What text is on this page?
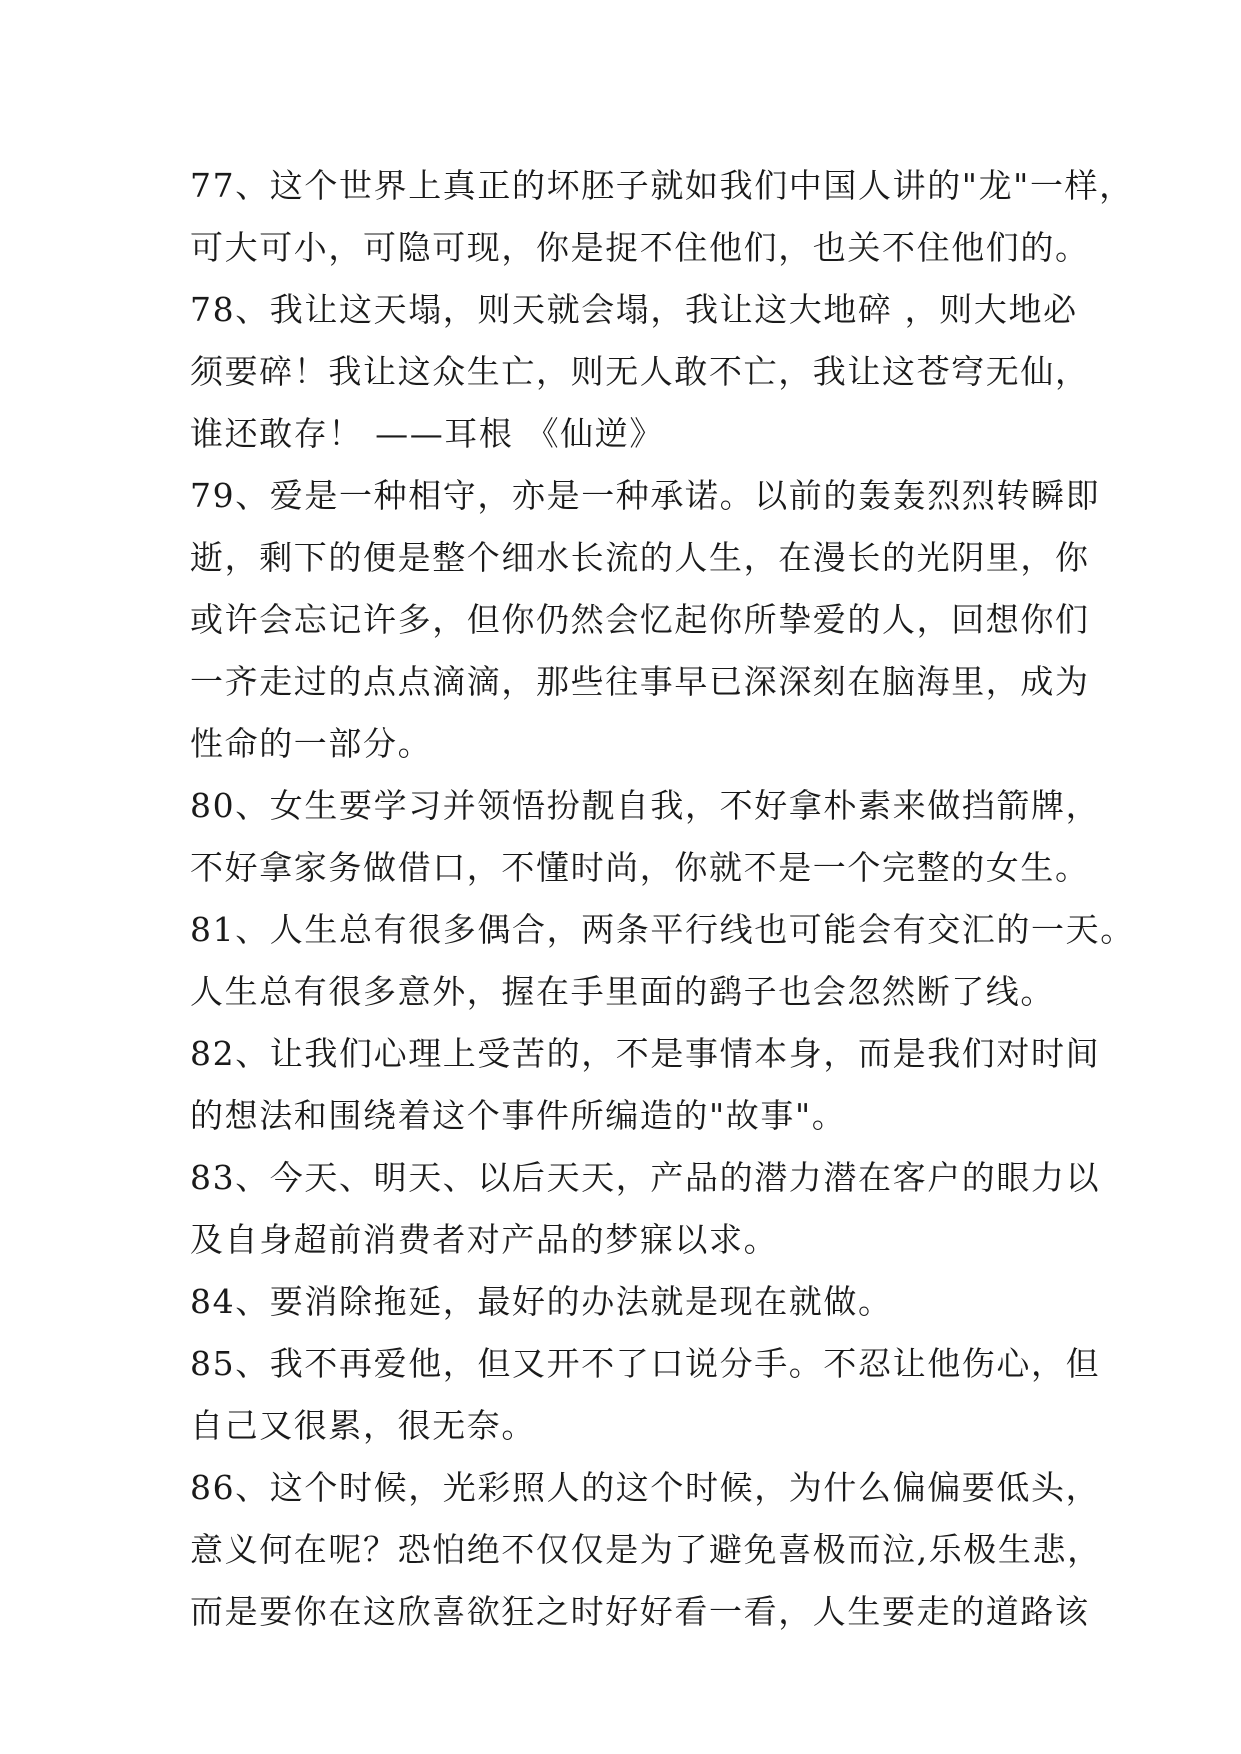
77、这个世界上真正的坏胚子就如我们中国人讲的"龙"一样，
可大可小，可隐可现，你是捉不住他们，也关不住他们的。
78、我让这天塌，则天就会塌，我让这大地碎 ，则大地必
须要碎！我让这众生亡，则无人敢不亡，我让这苍穹无仙，
谁还敢存！ ——耳根 《仙逆》
79、爱是一种相守，亦是一种承诺。以前的轰轰烈烈转瞬即
逝，剩下的便是整个细水长流的人生，在漫长的光阴里，你
或许会忘记许多，但你仍然会忆起你所挚爱的人，回想你们
一齐走过的点点滴滴，那些往事早已深深刻在脑海里，成为
性命的一部分。
80、女生要学习并领悟扮靓自我，不好拿朴素来做挡箭牌，
不好拿家务做借口，不懂时尚，你就不是一个完整的女生。
81、人生总有很多偶合，两条平行线也可能会有交汇的一天。
人生总有很多意外，握在手里面的鹞子也会忽然断了线。
82、让我们心理上受苦的，不是事情本身，而是我们对时间
的想法和围绕着这个事件所编造的"故事"。
83、今天、明天、以后天天，产品的潜力潜在客户的眼力以
及自身超前消费者对产品的梦寐以求。
84、要消除拖延，最好的办法就是现在就做。
85、我不再爱他，但又开不了口说分手。不忍让他伤心，但
自己又很累，很无奈。
86、这个时候，光彩照人的这个时候，为什么偏偏要低头，
意义何在呢？恐怕绝不仅仅是为了避免喜极而泣,乐极生悲，
而是要你在这欣喜欲狂之时好好看一看，人生要走的道路该
